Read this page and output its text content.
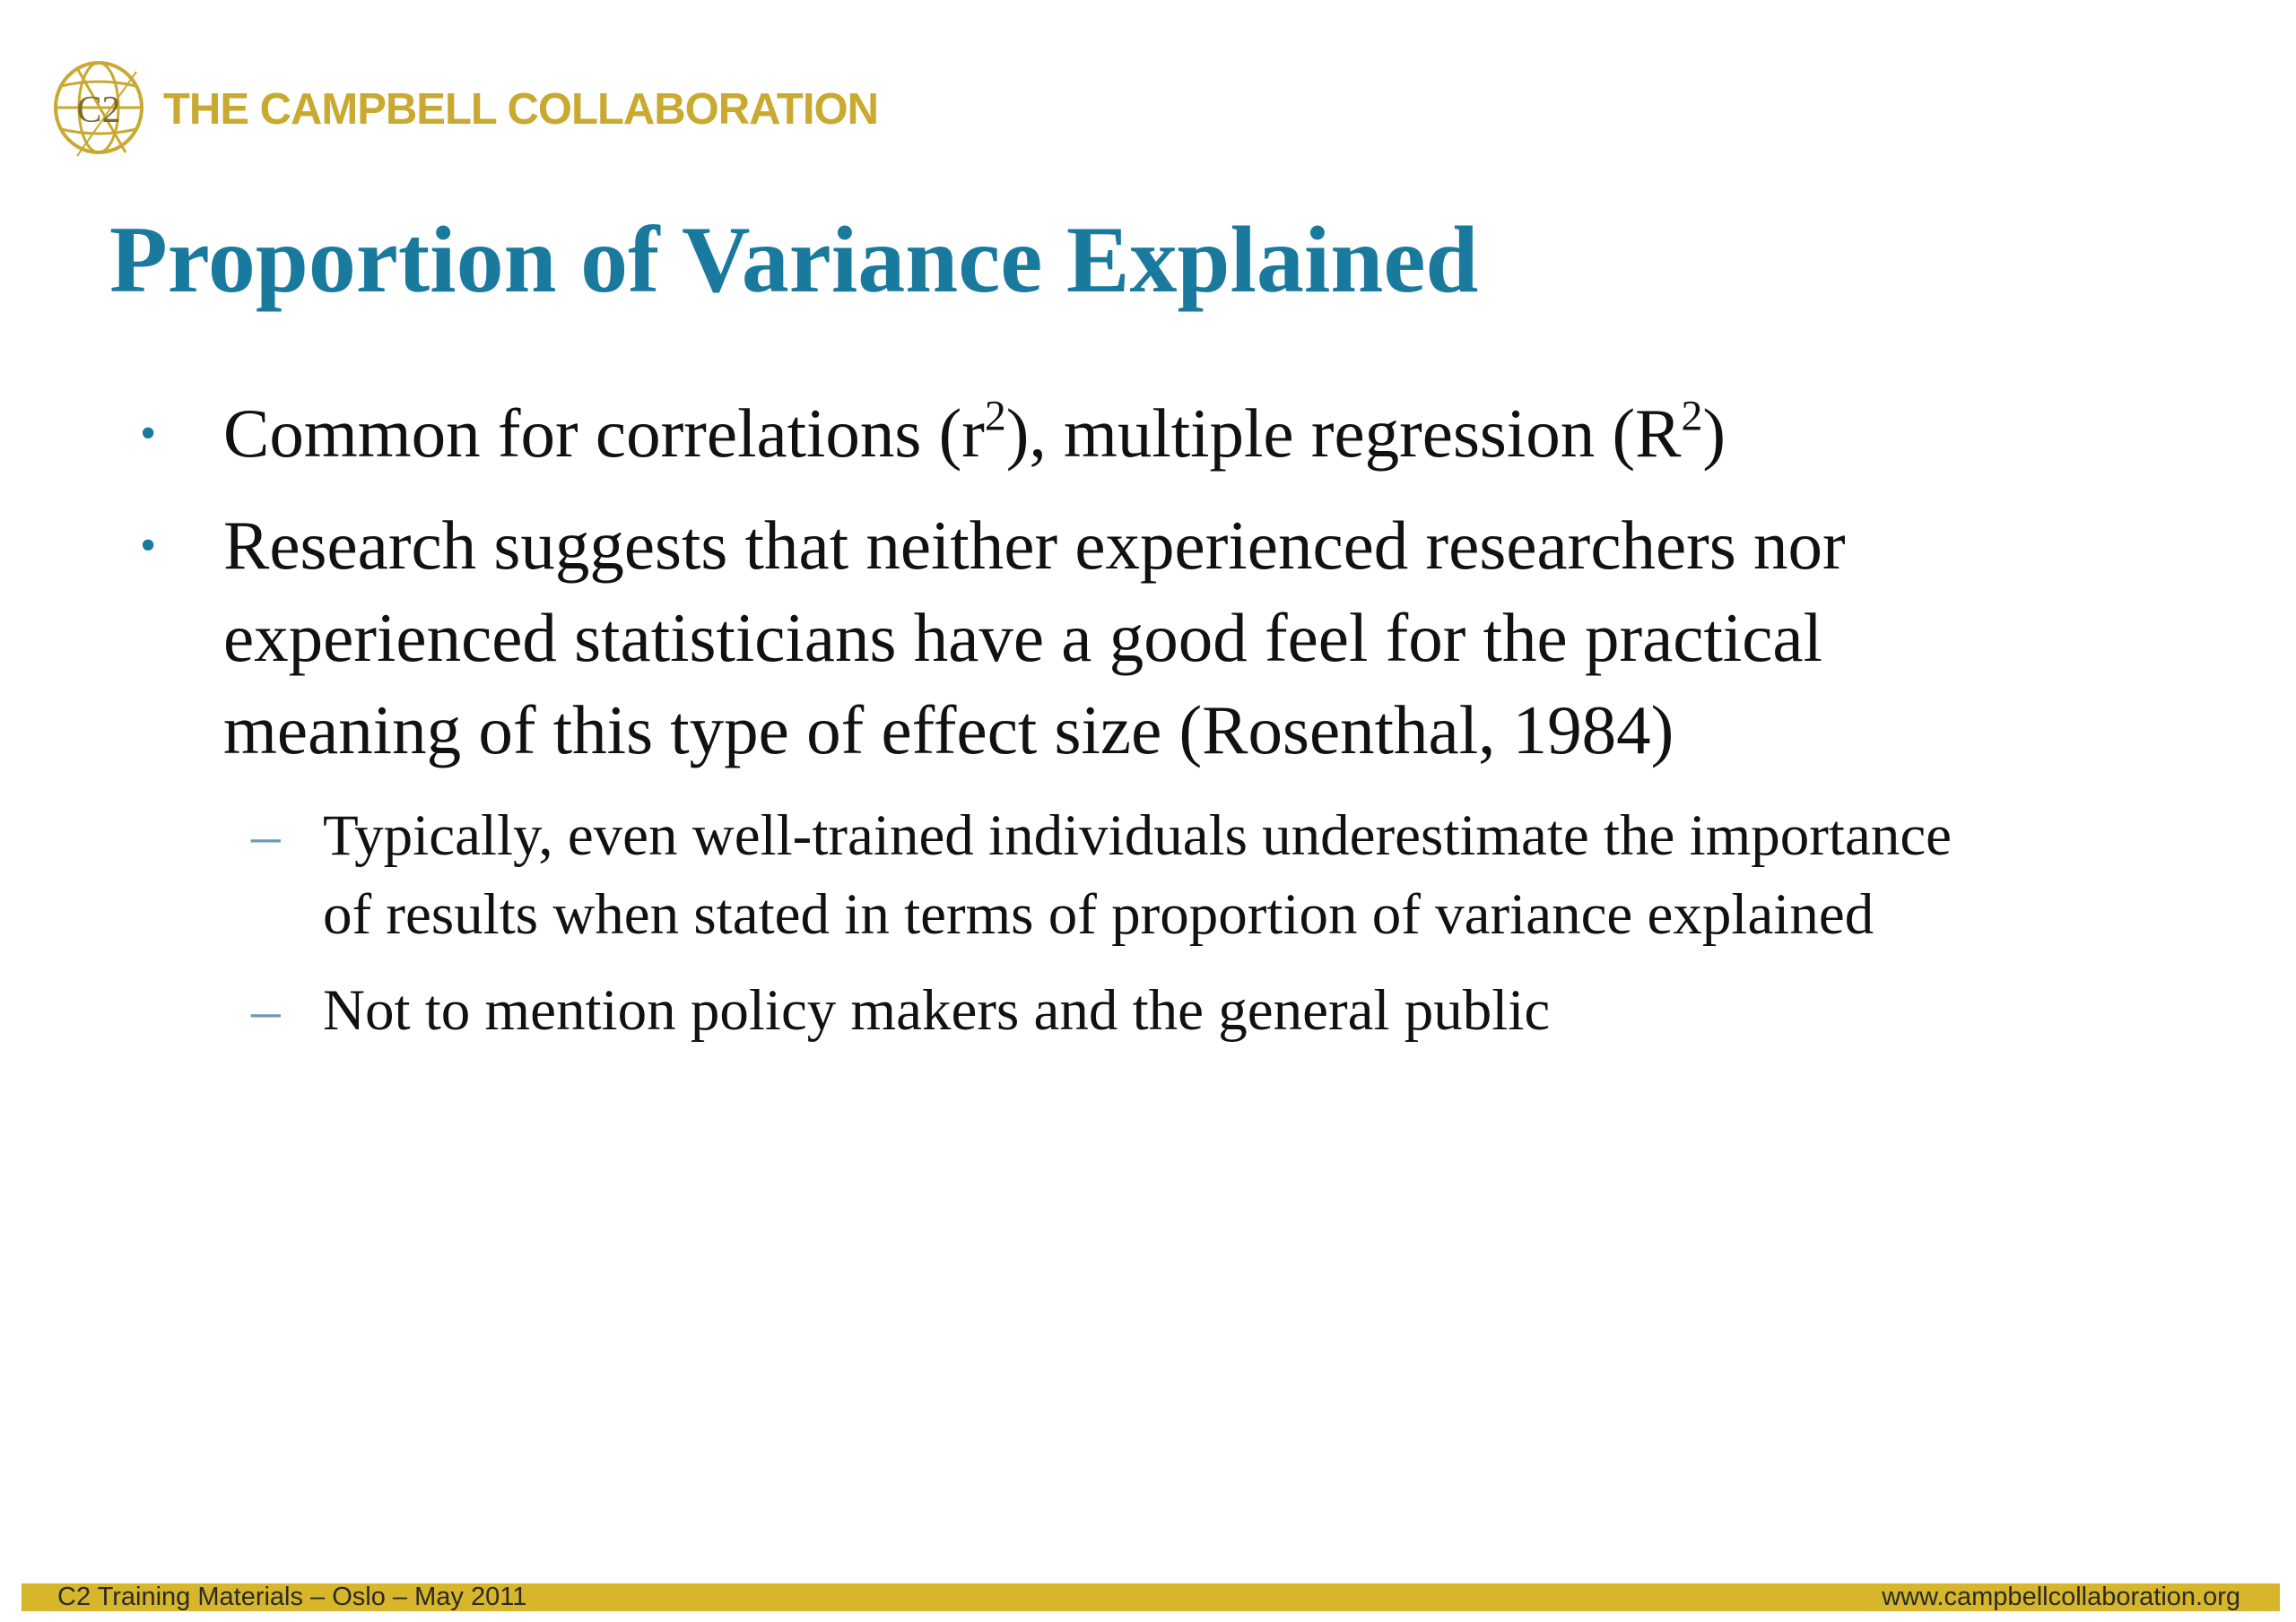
C2 THE CAMPBELL COLLABORATION
Proportion of Variance Explained
• Common for correlations $(r^2)$, multiple regression $(R^2)$
• Research suggests that neither experienced researchers nor
experienced statisticians have a good feel for the practical
meaning of this type of effect size (Rosenthal, 1984)
– Typically, even well-trained individuals underestimate the importance
of results when stated in terms of proportion of variance explained
– Not to mention policy makers and the general public
C2 Training Materials – Oslo – May 2011	www.campbellcollaboration.org
